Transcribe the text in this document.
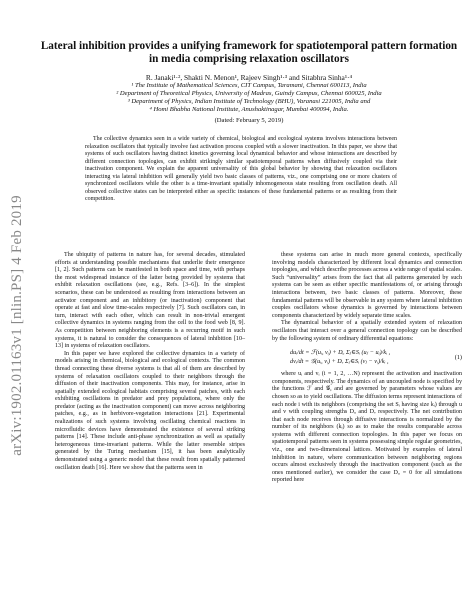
arXiv:1902.01163v1 [nlin.PS] 4 Feb 2019
Lateral inhibition provides a unifying framework for spatiotemporal pattern formation
in media comprising relaxation oscillators
R. Janaki¹·², Shakti N. Menon¹, Rajeev Singh¹·³ and Sitabhra Sinha¹·⁴
¹ The Institute of Mathematical Sciences, CIT Campus, Taramani, Chennai 600113, India
² Department of Theoretical Physics, University of Madras, Guindy Campus, Chennai 600025, India
³ Department of Physics, Indian Institute of Technology (BHU), Varanasi 221005, India and
⁴ Homi Bhabha National Institute, Anushaktinagar, Mumbai 400094, India.
(Dated: February 5, 2019)

The collective dynamics seen in a wide variety of chemical, biological and ecological systems involves interactions between relaxation oscillators that typically involve fast activation process coupled with a slower inactivation. In this paper, we show that systems of such oscillators having distinct kinetics governing local dynamical behavior and whose interactions are described by different connection topologies, can exhibit strikingly similar spatiotemporal patterns when diffusively coupled via their inactivation component. We explain the apparent universality of this global behavior by showing that relaxation oscillators interacting via lateral inhibition will generally yield two basic classes of patterns, viz., one comprising one or more clusters of synchronized oscillators while the other is a time-invariant spatially inhomogeneous state resulting from oscillation death. All observed collective states can be interpreted either as specific instances of these fundamental patterns or as resulting from their competition.

The ubiquity of patterns in nature has, for several decades, stimulated efforts at understanding possible mechanisms that underlie their emergence [1, 2]. Such patterns can be manifested in both space and time, with perhaps the most widespread instance of the latter being provided by systems that exhibit relaxation oscillations (see, e.g., Refs. [3–6]). In the simplest scenarios, these can be understood as resulting from interactions between an activator component and an inhibitory (or inactivation) component that operate at fast and slow time-scales respectively [7]. Such oscillators can, in turn, interact with each other, which can result in non-trivial emergent collective dynamics in systems ranging from the cell to the food web [8, 9]. As competition between neighboring elements is a recurring motif in such systems, it is natural to consider the consequences of lateral inhibition [10–13] in systems of relaxation oscillators.

In this paper we have explored the collective dynamics in a variety of models arising in chemical, biological and ecological contexts. The common thread connecting these diverse systems is that all of them are described by systems of relaxation oscillators coupled to their neighbors through the diffusion of their inactivation components. This may, for instance, arise in spatially extended ecological habitats comprising several patches, with each exhibiting oscillations in predator and prey populations, where only the predator (acting as the inactivation component) can move across neighboring patches, e.g., as in herbivore-vegetation interactions [21]. Experimental realizations of such systems involving oscillating chemical reactions in microfluidic devices have demonstrated the existence of several striking patterns [14]. These include anti-phase synchronization as well as spatially heterogeneous time-invariant patterns. While the latter resemble stripes generated by the Turing mechanism [15], it has been analytically demonstrated using a generic model that these result from spatially patterned oscillation death [16]. Here we show that the patterns seen in

these systems can arise in much more general contexts, specifically involving models characterized by different local dynamics and connection topologies, and which describe processes across a wide range of spatial scales. Such “universality” arises from the fact that all patterns generated by such systems can be seen as either specific manifestations of, or arising through interactions between, two basic classes of patterns. Moreover, these fundamental patterns will be observable in any system where lateral inhibition couples oscillators whose dynamics is governed by interactions between components characterized by widely separate time scales.

The dynamical behavior of a spatially extended system of relaxation oscillators that interact over a general connection topology can be described by the following system of ordinary differential equations:

duᵢ/dt = ℱ(uᵢ, vᵢ) + Dᵤ Σⱼ∈Sᵢ (uⱼ − uᵢ)/kᵢ ,
dvᵢ/dt = 𝒢(uᵢ, vᵢ) + Dᵥ Σⱼ∈Sᵢ (vⱼ − vᵢ)/kᵢ ,
(1)

where uᵢ and vᵢ (i = 1, 2, …N) represent the activation and inactivation components, respectively. The dynamics of an uncoupled node is specified by the functions ℱ and 𝒢, and are governed by parameters whose values are chosen so as to yield oscillations. The diffusion terms represent interactions of each node i with its neighbors (comprising the set Sᵢ having size kᵢ) through u and v with coupling strengths Dᵤ and Dᵥ respectively. The net contribution that each node receives through diffusive interactions is normalized by the number of its neighbors (kᵢ) so as to make the results comparable across systems with different connection topologies. In this paper we focus on spatiotemporal patterns seen in systems possessing simple regular geometries, viz., one and two-dimensional lattices. Motivated by examples of lateral inhibition in nature, where communication between neighboring regions occurs almost exclusively through the inactivation component (such as the ones mentioned earlier), we consider the case Dᵤ = 0 for all simulations reported here
